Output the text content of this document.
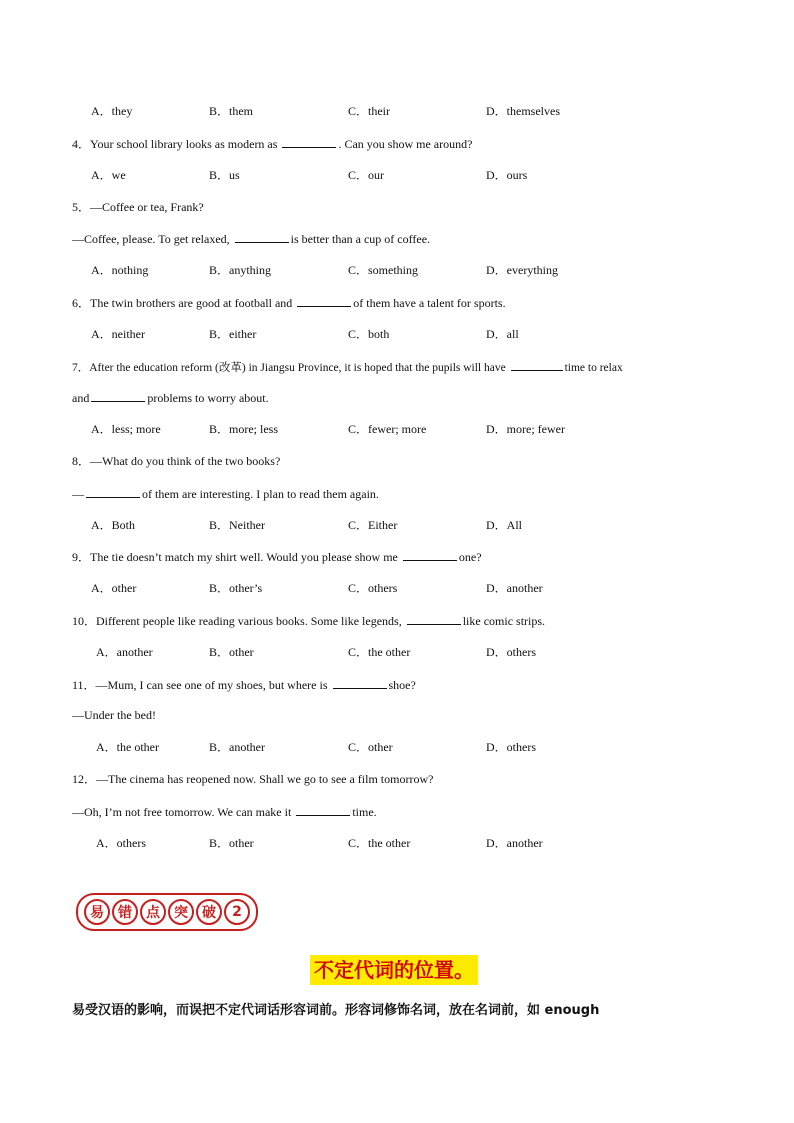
A．they	B．them	C．their	D．themselves
4．Your school library looks as modern as	. Can you show me around?
A．we	B．us	C．our	D．ours
5．—Coffee or tea, Frank?
—Coffee, please. To get relaxed,	is better than a cup of coffee.
A．nothing	B．anything	C．something	D．everything
6．The twin brothers are good at football and	of them have a talent for sports.
A．neither	B．either	C．both	D．all
7．After the education reform (改革) in Jiangsu Province, it is hoped that the pupils will have	time to relax
and	problems to worry about.
A．less; more	B．more; less	C．fewer; more	D．more; fewer
8．—What do you think of the two books?
—	of them are interesting. I plan to read them again.
A．Both	B．Neither	C．Either	D．All
9．The tie doesn’t match my shirt well. Would you please show me	one?
A．other	B．other’s	C．others	D．another
10．Different people like reading various books. Some like legends,	like comic strips.
A．another	B．other	C．the other	D．others
11．—Mum, I can see one of my shoes, but where is	shoe?
—Under the bed!
A．the other	B．another	C．other	D．others
12．—The cinema has reopened now. Shall we go to see a film tomorrow?
—Oh, I’m not free tomorrow. We can make it	time.
A．others	B．other	C．the other	D．another
易	错	点	突	破	2
不定代词的位置。
易受汉语的影响，而误把不定代词话形容词前。形容词修饰名词，放在名词前，如 enough
